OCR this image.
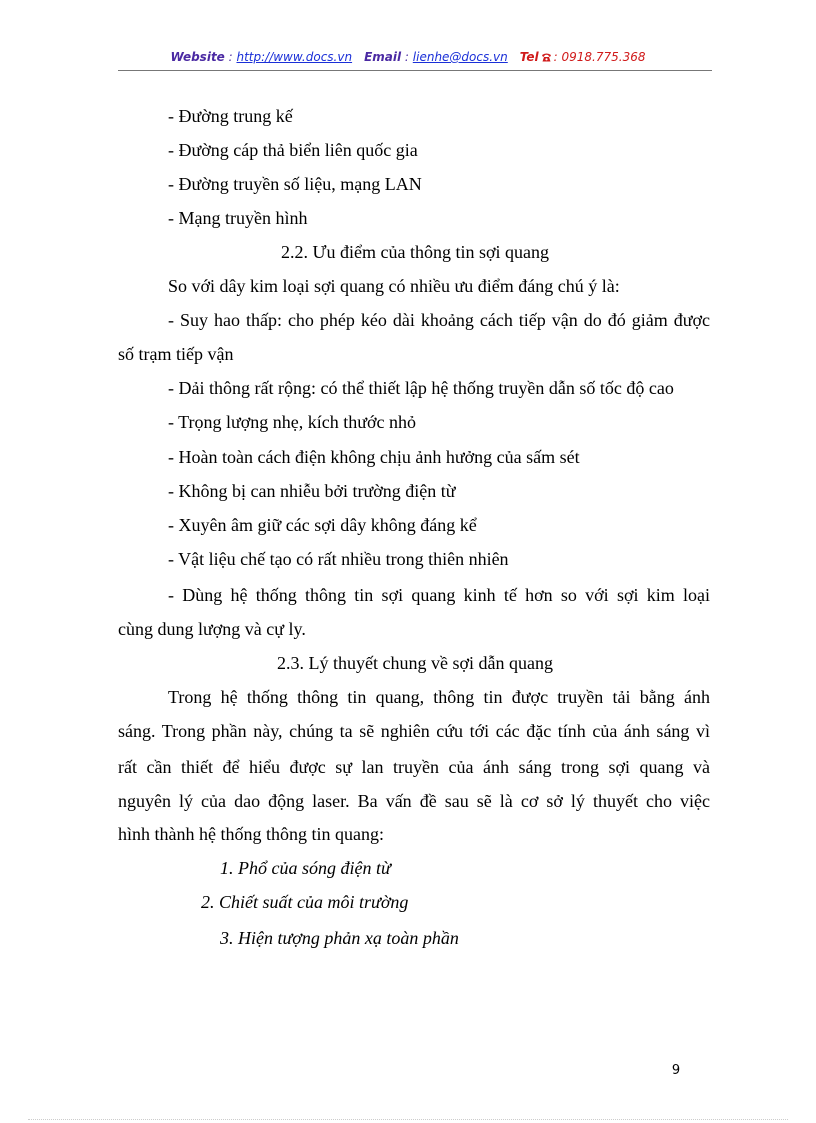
Website : http://www.docs.vn Email : lienhe@docs.vn Tel : 0918.775.368
- Đường trung kế
- Đường cáp thả biển liên quốc gia
- Đường truyền số liệu, mạng LAN
- Mạng truyền hình
2.2. Ưu điểm của thông tin sợi quang
So với dây kim loại sợi quang có nhiều ưu điểm đáng chú ý là:
- Suy hao thấp: cho phép kéo dài khoảng cách tiếp vận do đó giảm được
số trạm tiếp vận
- Dải thông rất rộng: có thể thiết lập hệ thống truyền dẫn số tốc độ cao
- Trọng lượng nhẹ, kích thước nhỏ
- Hoàn toàn cách điện không chịu ảnh hưởng của sấm sét
- Không bị can nhiễu bởi trường điện từ
- Xuyên âm giữ các sợi dây không đáng kể
- Vật liệu chế tạo có rất nhiều trong thiên nhiên
- Dùng hệ thống thông tin sợi quang kinh tế hơn so với sợi kim loại
cùng dung lượng và cự ly.
2.3. Lý thuyết chung về sợi dẫn quang
Trong hệ thống thông tin quang, thông tin được truyền tải bằng ánh
sáng. Trong phần này, chúng ta sẽ nghiên cứu tới các đặc tính của ánh sáng vì
rất cần thiết để hiểu được sự lan truyền của ánh sáng trong sợi quang và
nguyên lý của dao động laser. Ba vấn đề sau sẽ là cơ sở lý thuyết cho việc
hình thành hệ thống thông tin quang:
1. Phổ của sóng điện từ
2. Chiết suất của môi trường
3. Hiện tượng phản xạ toàn phần
9
